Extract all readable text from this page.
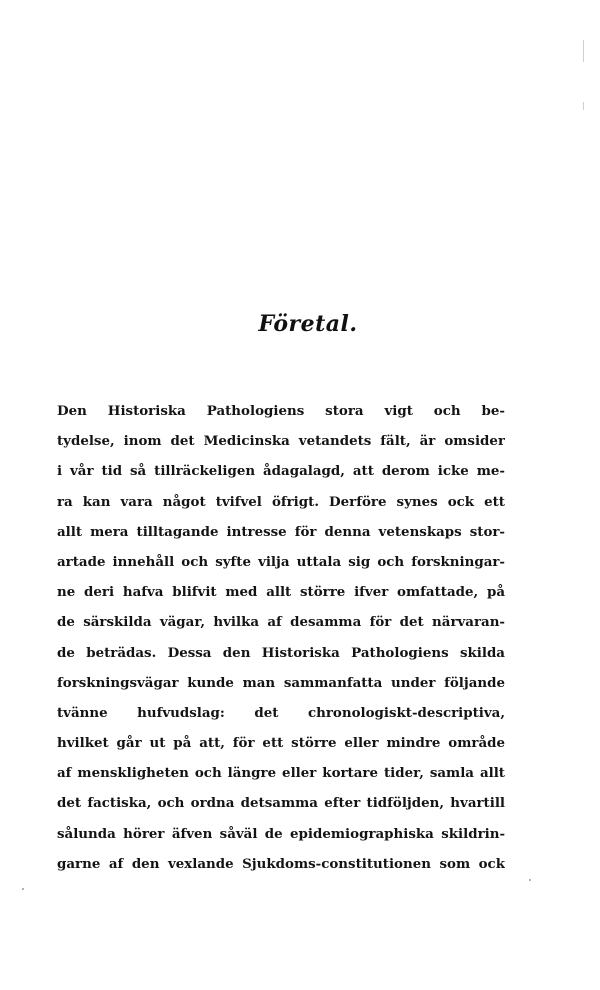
Företal.
Den Historiska Pathologiens stora vigt och be-
tydelse, inom det Medicinska vetandets fält, är omsider
i vår tid så tillräckeligen ådagalagd, att derom icke me-
ra kan vara något tvifvel öfrigt. Derföre synes ock ett
allt mera tilltagande intresse för denna vetenskaps stor-
artade innehåll och syfte vilja uttala sig och forskningar-
ne deri hafva blifvit med allt större ifver omfattade, på
de särskilda vägar, hvilka af desamma för det närvaran-
de beträdas. Dessa den Historiska Pathologiens skilda
forskningsvägar kunde man sammanfatta under följande
tvänne hufvudslag: det chronologiskt-descriptiva,
hvilket går ut på att, för ett större eller mindre område
af menskligheten och längre eller kortare tider, samla allt
det factiska, och ordna detsamma efter tidföljden, hvartill
sålunda hörer äfven såväl de epidemiographiska skildrin-
garne af den vexlande Sjukdoms-constitutionen som ock
